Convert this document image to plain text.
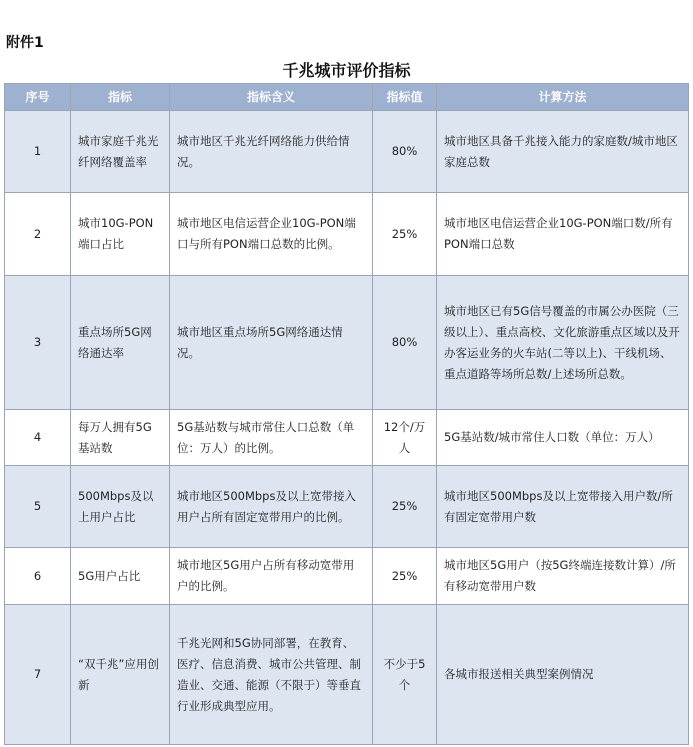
附件1
千兆城市评价指标
序号	指标	指标含义	指标值	计算方法
1	城市家庭千兆光纤网络覆盖率	城市地区千兆光纤网络能力供给情况。	80%	城市地区具备千兆接入能力的家庭数/城市地区家庭总数
2	城市10G-PON端口占比	城市地区电信运营企业10G-PON端口与所有PON端口总数的比例。	25%	城市地区电信运营企业10G-PON端口数/所有PON端口总数
3	重点场所5G网络通达率	城市地区重点场所5G网络通达情况。	80%	城市地区已有5G信号覆盖的市属公办医院（三级以上）、重点高校、文化旅游重点区域以及开办客运业务的火车站(二等以上)、干线机场、重点道路等场所总数/上述场所总数。
4	每万人拥有5G基站数	5G基站数与城市常住人口总数（单位：万人）的比例。	12个/万人	5G基站数/城市常住人口数（单位：万人）
5	500Mbps及以上用户占比	城市地区500Mbps及以上宽带接入用户占所有固定宽带用户的比例。	25%	城市地区500Mbps及以上宽带接入用户数/所有固定宽带用户数
6	5G用户占比	城市地区5G用户占所有移动宽带用户的比例。	25%	城市地区5G用户（按5G终端连接数计算）/所有移动宽带用户数
7	“双千兆”应用创新	千兆光网和5G协同部署，在教育、医疗、信息消费、城市公共管理、制造业、交通、能源（不限于）等垂直行业形成典型应用。	不少于5个	各城市报送相关典型案例情况
